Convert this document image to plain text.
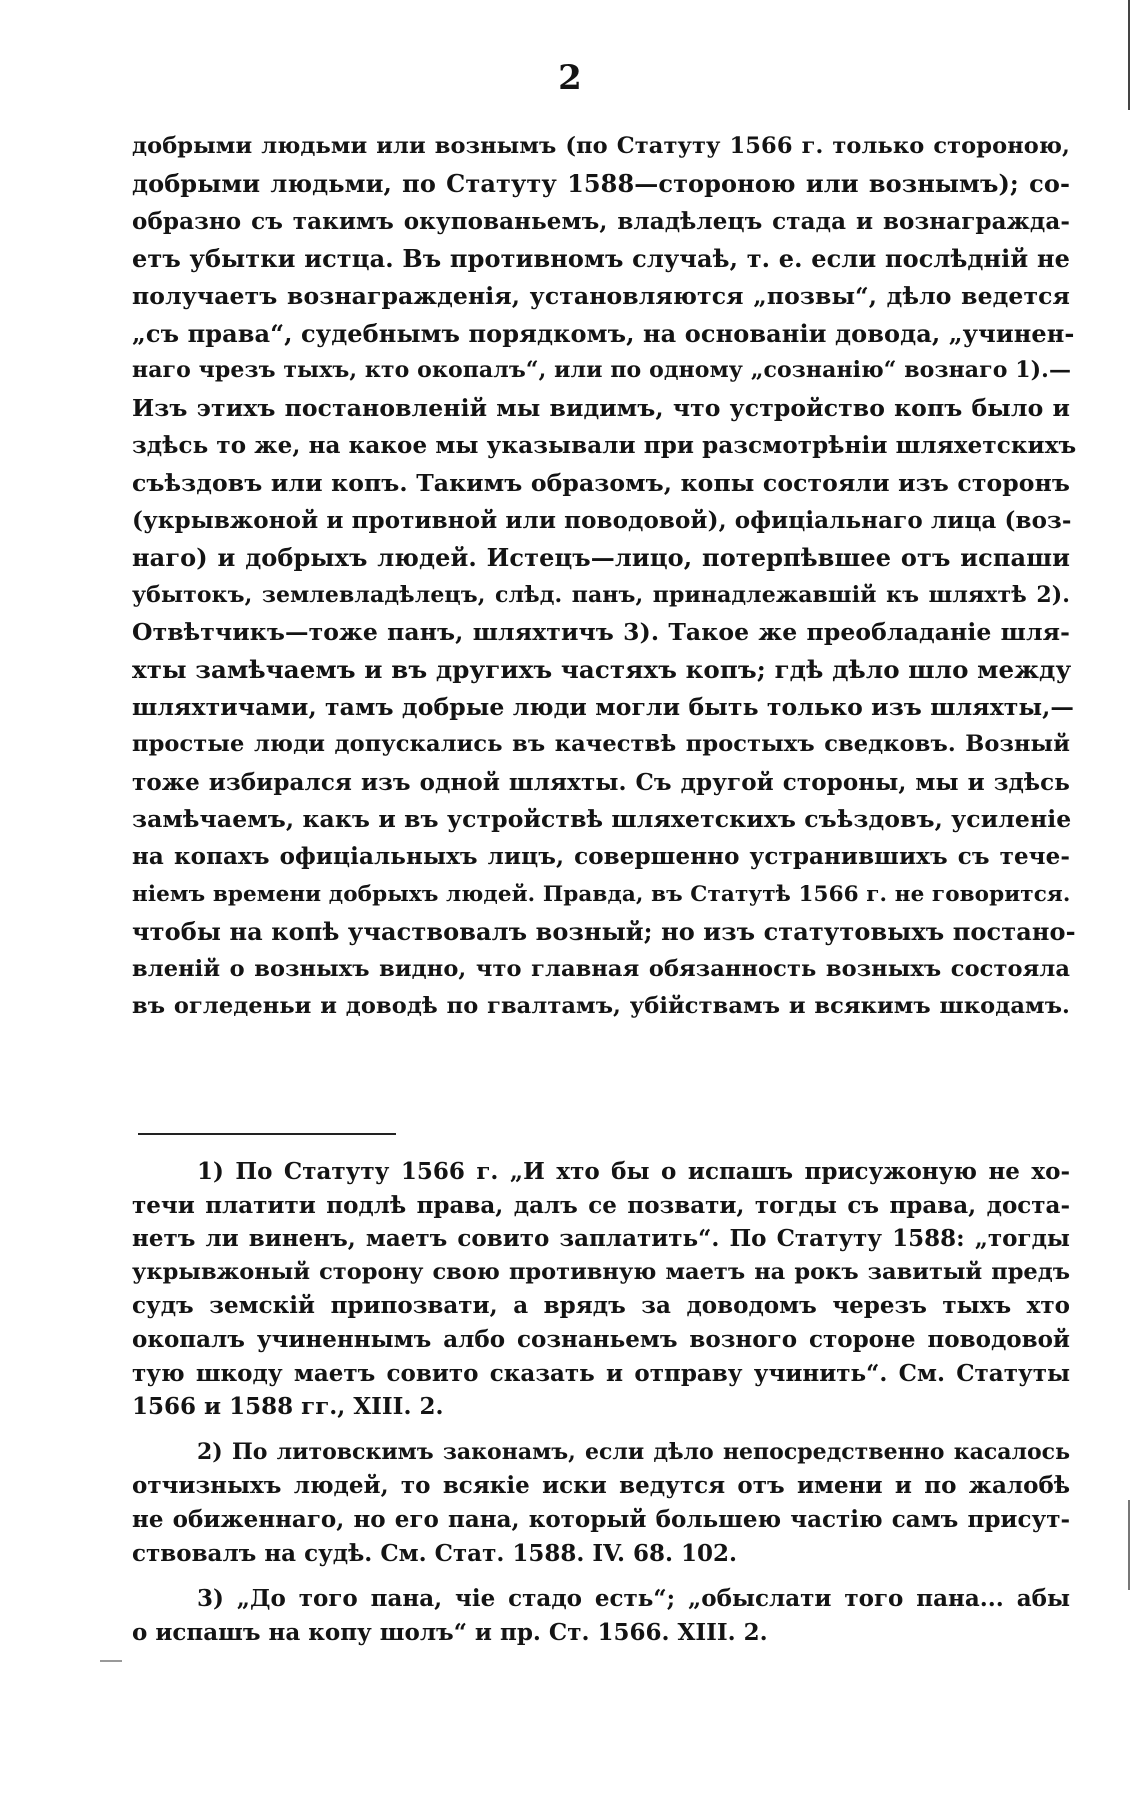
2
добрыми людьми или вознымъ (по Статуту 1566 г. только стороною,
добрыми людьми, по Статуту 1588—стороною или вознымъ); со-
образно съ такимъ окупованьемъ, владѣлецъ стада и вознагражда-
етъ убытки истца. Въ противномъ случаѣ, т. е. если послѣдній не
получаетъ вознагражденія, установляются „позвы“, дѣло ведется
„съ права“, судебнымъ порядкомъ, на основаніи довода, „учинен-
наго чрезъ тыхъ, кто окопалъ“, или по одному „сознанію“ вознаго 1).—
Изъ этихъ постановленій мы видимъ, что устройство копъ было и
здѣсь то же, на какое мы указывали при разсмотрѣніи шляхетскихъ
съѣздовъ или копъ. Такимъ образомъ, копы состояли изъ сторонъ
(укрывжоной и противной или поводовой), офиціальнаго лица (воз-
наго) и добрыхъ людей. Истецъ—лицо, потерпѣвшее отъ испаши
убытокъ, землевладѣлецъ, слѣд. панъ, принадлежавшій къ шляхтѣ 2).
Отвѣтчикъ—тоже панъ, шляхтичъ 3). Такое же преобладаніе шля-
хты замѣчаемъ и въ другихъ частяхъ копъ; гдѣ дѣло шло между
шляхтичами, тамъ добрые люди могли быть только изъ шляхты,—
простые люди допускались въ качествѣ простыхъ сведковъ. Возный
тоже избирался изъ одной шляхты. Съ другой стороны, мы и здѣсь
замѣчаемъ, какъ и въ устройствѣ шляхетскихъ съѣздовъ, усиленіе
на копахъ офиціальныхъ лицъ, совершенно устранившихъ съ тече-
ніемъ времени добрыхъ людей. Правда, въ Статутѣ 1566 г. не говорится.
чтобы на копѣ участвовалъ возный; но изъ статутовыхъ постано-
вленій о возныхъ видно, что главная обязанность возныхъ состояла
въ огледеньи и доводѣ по гвалтамъ, убійствамъ и всякимъ шкодамъ.
1) По Статуту 1566 г. „И хто бы о испашъ присужоную не хо-
течи платити подлѣ права, далъ се позвати, тогды съ права, доста-
нетъ ли виненъ, маетъ совито заплатить“. По Статуту 1588: „тогды
укрывжоный сторону свою противную маетъ на рокъ завитый предъ
судъ земскій припозвати, а врядъ за доводомъ черезъ тыхъ хто
окопалъ учиненнымъ албо сознаньемъ возного стороне поводовой
тую шкоду маетъ совито сказать и отправу учинить“. См. Статуты
1566 и 1588 гг., XIII. 2.
2) По литовскимъ законамъ, если дѣло непосредственно касалось
отчизныхъ людей, то всякіе иски ведутся отъ имени и по жалобѣ
не обиженнаго, но его пана, который большею частію самъ присут-
ствовалъ на судѣ. См. Стат. 1588. IV. 68. 102.
3) „До того пана, чіе стадо есть“; „обыслати того пана... абы
о испашъ на копу шолъ“ и пр. Ст. 1566. XIII. 2.
